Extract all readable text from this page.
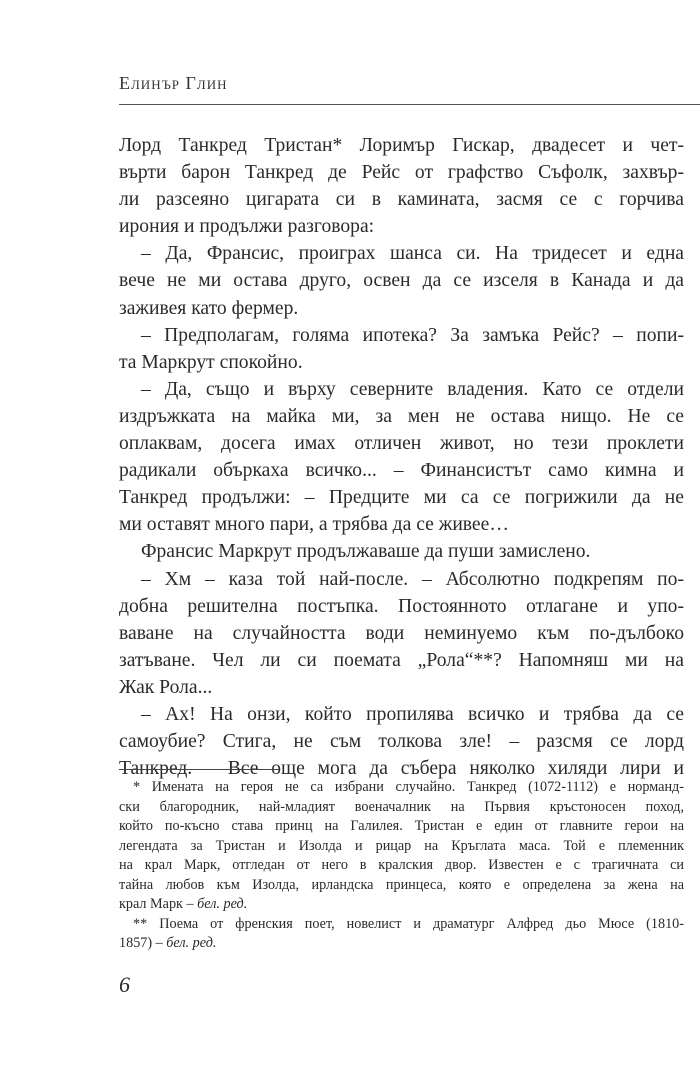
Елинър Глин
Лорд Танкред Тристан* Лоримър Гискар, двадесет и чет-
върти барон Танкред де Рейс от графство Съфолк, захвър-
ли разсеяно цигарата си в камината, засмя се с горчива
ирония и продължи разговора:
– Да, Франсис, проиграх шанса си. На тридесет и една
вече не ми остава друго, освен да се изселя в Канада и да
заживея като фермер.
– Предполагам, голяма ипотека? За замъка Рейс? – попи-
та Маркрут спокойно.
– Да, също и върху северните владения. Като се отдели
издръжката на майка ми, за мен не остава нищо. Не се
оплаквам, досега имах отличен живот, но тези проклети
радикали объркаха всичко... – Финансистът само кимна и
Танкред продължи: – Предците ми са се погрижили да не
ми оставят много пари, а трябва да се живее…
Франсис Маркрут продължаваше да пуши замислено.
– Хм – каза той най-после. – Абсолютно подкрепям по-
добна решителна постъпка. Постоянното отлагане и упо-
ваване на случайността води неминуемо към по-дълбоко
затъване. Чел ли си поемата „Рола“**? Напомняш ми на
Жак Рола...
– Ах! На онзи, който пропилява всичко и трябва да се
самоубие? Стига, не съм толкова зле! – разсмя се лорд
Танкред. – Все още мога да събера няколко хиляди лири и
* Имената на героя не са избрани случайно. Танкред (1072-1112) е норманд-
ски благородник, най-младият военачалник на Първия кръстоносен поход,
който по-късно става принц на Галилея. Тристан е един от главните герои на
легендата за Тристан и Изолда и рицар на Кръглата маса. Той е племенник
на крал Марк, отгледан от него в кралския двор. Известен е с трагичната си
тайна любов към Изолда, ирландска принцеса, която е определена за жена на
крал Марк – бел. ред.
** Поема от френския поет, новелист и драматург Алфред дьо Мюсе (1810-
1857) – бел. ред.
6
